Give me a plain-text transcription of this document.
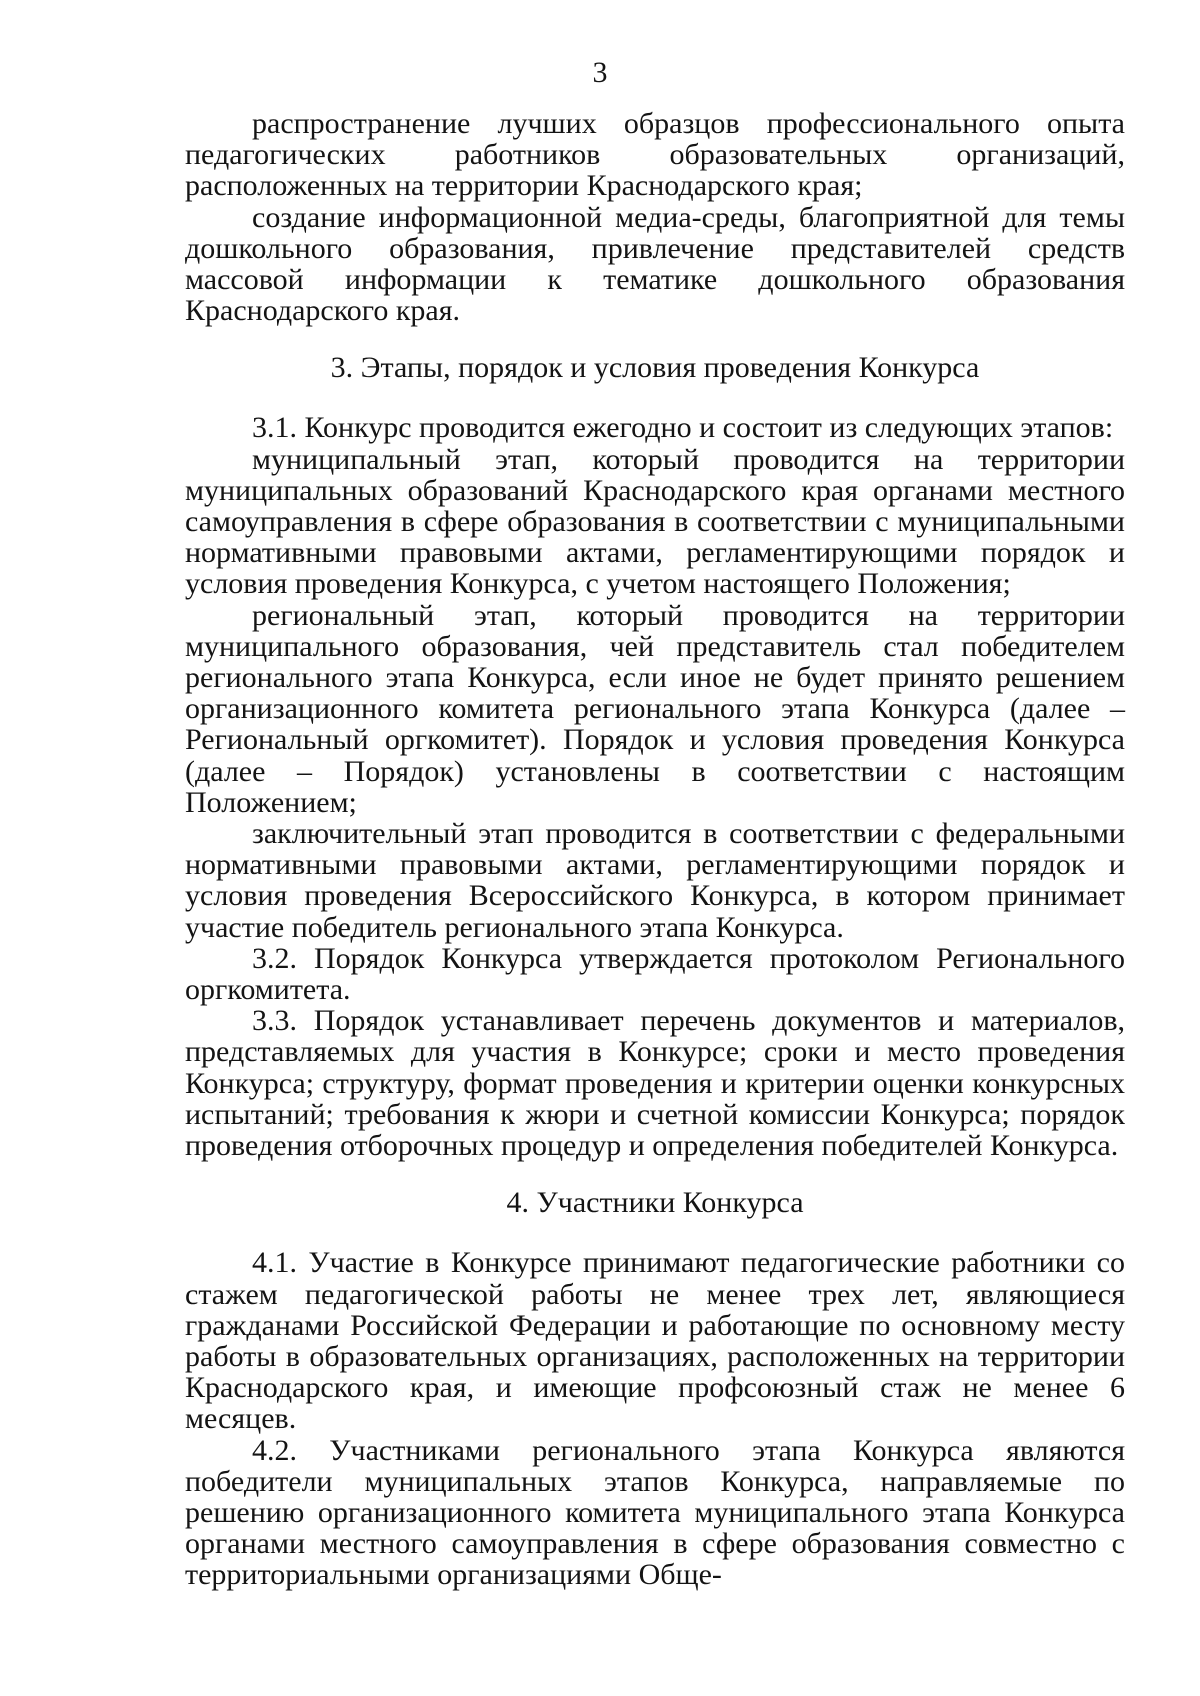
3

распространение лучших образцов профессионального опыта педагогических работников образовательных организаций, расположенных на территории Краснодарского края;

создание информационной медиа-среды, благоприятной для темы дошкольного образования, привлечение представителей средств массовой информации к тематике дошкольного образования Краснодарского края.

3. Этапы, порядок и условия проведения Конкурса

3.1. Конкурс проводится ежегодно и состоит из следующих этапов:

муниципальный этап, который проводится на территории муниципальных образований Краснодарского края органами местного самоуправления в сфере образования в соответствии с муниципальными нормативными правовыми актами, регламентирующими порядок и условия проведения Конкурса, с учетом настоящего Положения;

региональный этап, который проводится на территории муниципального образования, чей представитель стал победителем регионального этапа Конкурса, если иное не будет принято решением организационного комитета регионального этапа Конкурса (далее – Региональный оргкомитет). Порядок и условия проведения Конкурса (далее – Порядок) установлены в соответствии с настоящим Положением;

заключительный этап проводится в соответствии с федеральными нормативными правовыми актами, регламентирующими порядок и условия проведения Всероссийского Конкурса, в котором принимает участие победитель регионального этапа Конкурса.

3.2. Порядок Конкурса утверждается протоколом Регионального оргкомитета.

3.3. Порядок устанавливает перечень документов и материалов, представляемых для участия в Конкурсе; сроки и место проведения Конкурса; структуру, формат проведения и критерии оценки конкурсных испытаний; требования к жюри и счетной комиссии Конкурса; порядок проведения отборочных процедур и определения победителей Конкурса.

4. Участники Конкурса

4.1. Участие в Конкурсе принимают педагогические работники со стажем педагогической работы не менее трех лет, являющиеся гражданами Российской Федерации и работающие по основному месту работы в образовательных организациях, расположенных на территории Краснодарского края, и имеющие профсоюзный стаж не менее 6 месяцев.

4.2. Участниками регионального этапа Конкурса являются победители муниципальных этапов Конкурса, направляемые по решению организационного комитета муниципального этапа Конкурса органами местного самоуправления в сфере образования совместно с территориальными организациями Обще-
